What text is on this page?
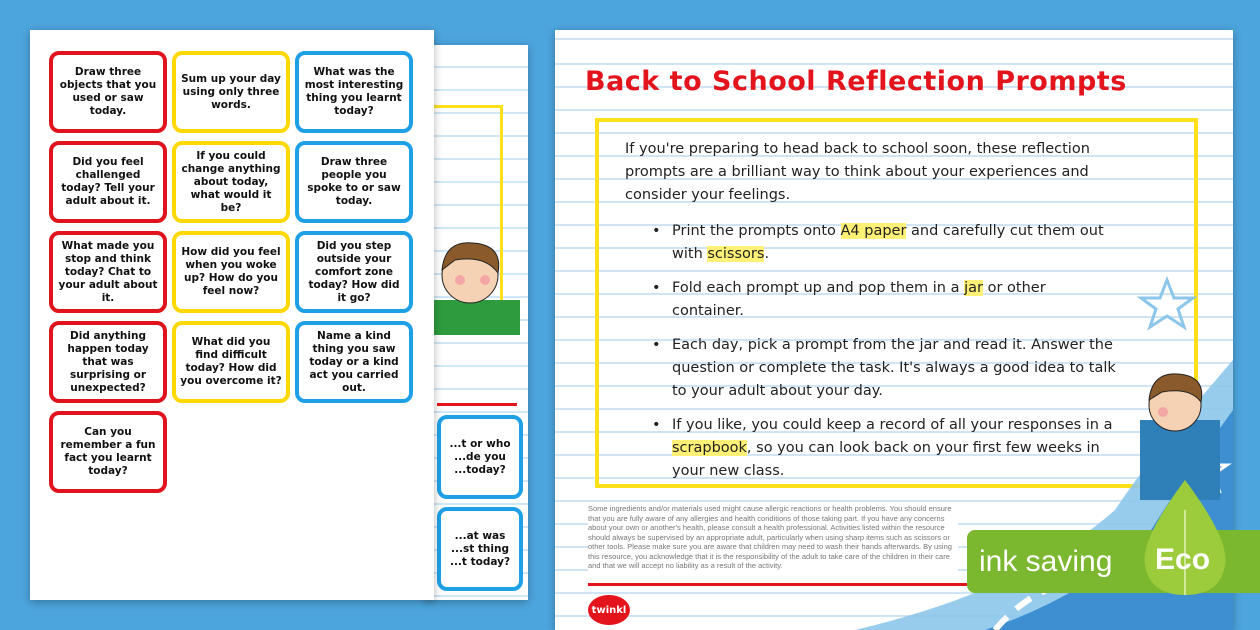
...t or who ...de you ...today?
...at was ...st thing ...t today?
Back to School Reflection Prompts

If you're preparing to head back to school soon, these reflection prompts are a brilliant way to think about your experiences and consider your feelings.

• Print the prompts onto A4 paper and carefully cut them out with scissors.
• Fold each prompt up and pop them in a jar or other container.
• Each day, pick a prompt from the jar and read it. Answer the question or complete the task. It's always a good idea to talk to your adult about your day.
• If you like, you could keep a record of all your responses in a scrapbook, so you can look back on your first few weeks in your new class.

Some ingredients and/or materials used might cause allergic reactions or health problems. You should ensure that you are fully aware of any allergies and health conditions of those taking part. If you have any concerns about your own or another's health, please consult a health professional. Activities listed within the resource should always be supervised by an appropriate adult, particularly when using sharp items such as scissors or other tools. Please make sure you are aware that children may need to wash their hands afterwards. By using this resource, you acknowledge that it is the responsibility of the adult to take care of the children in their care and that we will accept no liability as a result of the activity.

twinkl
ink saving Eco
Draw three objects that you used or saw today.
Sum up your day using only three words.
What was the most interesting thing you learnt today?
Did you feel challenged today? Tell your adult about it.
If you could change anything about today, what would it be?
Draw three people you spoke to or saw today.
What made you stop and think today? Chat to your adult about it.
How did you feel when you woke up? How do you feel now?
Did you step outside your comfort zone today? How did it go?
Did anything happen today that was surprising or unexpected?
What did you find difficult today? How did you overcome it?
Name a kind thing you saw today or a kind act you carried out.
Can you remember a fun fact you learnt today?
